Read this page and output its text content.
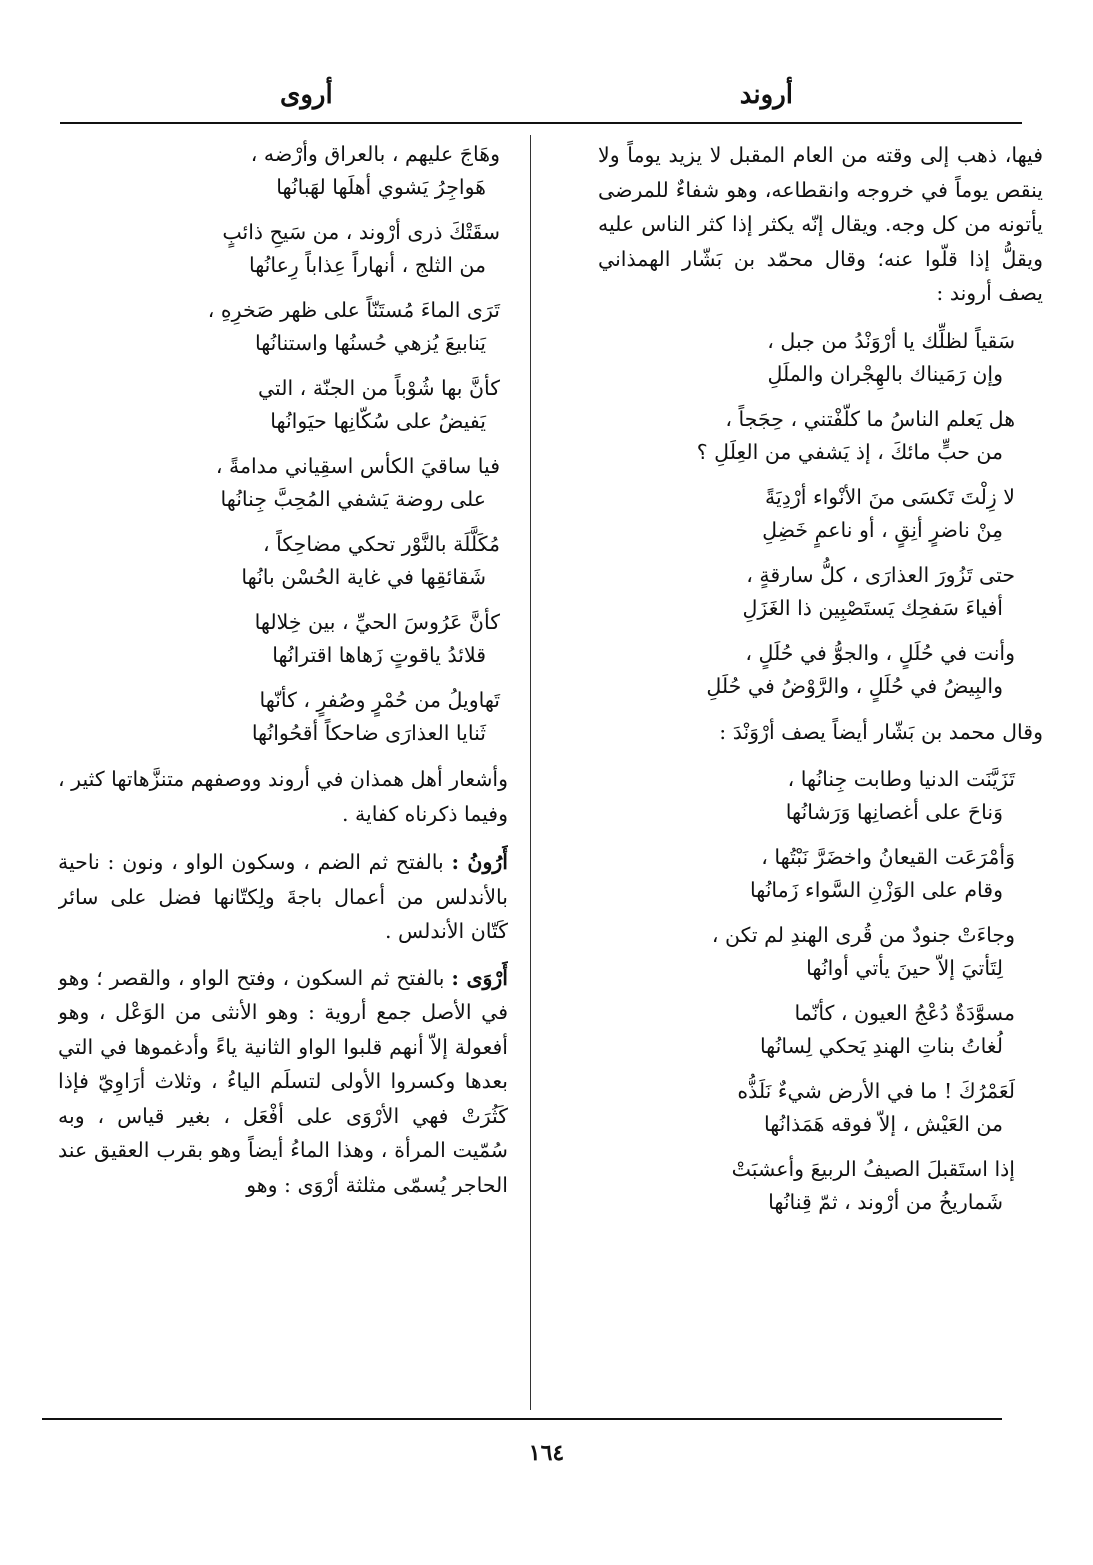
أروند
أروى

فيها، ذهب إلى وقته من العام المقبل لا يزيد يوماً ولا ينقص يوماً في خروجه وانقطاعه، وهو شفاءٌ للمرضى يأتونه من كل وجه. ويقال إنّه يكثر إذا كثر الناس عليه ويقلُّ إذا قلّوا عنه؛ وقال محمّد بن بَشّار الهمذاني يصف أروند :

سَقياً لظلِّك يا أرْوَنْدُ من جبل ،
وإن رَمَيناك بالهِجْران والملَلِ
هل يَعلم الناسُ ما كلّفْتني ، حِجَجاً ،
من حبٍّ مائكَ ، إذ يَشفي من العِلَلِ ؟
لا زِلْتَ تَكسَى منَ الأنْواء أرْدِيَةً
مِنْ ناضرٍ أنِقٍ ، أو ناعمٍ خَضِلِ
حتى تَزُورَ العذارَى ، كلُّ سارقةٍ ،
أفياءَ سَفحِك يَستَصْبِين ذا الغَزَلِ
وأنت في حُلَلٍ ، والجوُّ في حُلَلٍ ،
والبِيضُ في حُلَلٍ ، والرَّوْضُ في حُلَلِ

وقال محمد بن بَشّار أيضاً يصف أرْوَنْدَ :

تَزَيَّنَت الدنيا وطابت جِنانُها ،
وَناحَ على أغصانِها وَرَشانُها
وَأمْرَعَت القيعانُ واخضَرَّ نَبْتُها ،
وقام على الوَزْنِ السَّواء زَمانُها
وجاءَتْ جنودٌ من قُرى الهندِ لم تكن ،
لِتَأتيَ إلاّ حينَ يأتي أوانُها
مسوَّدَةٌ دُعْجُ العيون ، كأنّما
لُغاتُ بناتِ الهندِ يَحكي لِسانُها
لَعَمْرُكَ ! ما في الأرض شيءٌ نَلَذُّه
من العَيْش ، إلاّ فوقه هَمَذانُها
إذا استَقبلَ الصيفُ الربيعَ وأعشبَتْ
شَماريخُ من أرْوند ، ثمّ قِنانُها
وهَاجَ عليهم ، بالعراق وأرْضه ،
هَواجِرُ يَشوي أهلَها لهَبانُها
سقَتْكَ ذرى أرْوند ، من سَيحِ ذائبٍ
من الثلج ، أنهاراً عِذاباً رِعانُها
تَرَى الماءَ مُستَنّاً على ظهر صَخرِهِ ،
يَنابيعَ يُزهي حُسنُها واستنانُها
كأنَّ بها شُوْباً من الجنّة ، التي
يَفيضُ على سُكّانِها حيَوانُها
فيا ساقيَ الكأس اسقِياني مدامةً ،
على روضة يَشفي المُحِبَّ جِنانُها
مُكَلَّلَة بالنَّوْر تحكي مضاحِكاً ،
شَقائقِها في غاية الحُسْن بانُها
كأنَّ عَرُوسَ الحيِّ ، بين خِلالها
قلائدُ ياقوتٍ زَهاها اقترانُها
تَهاويلُ من حُمْرٍ وصُفرٍ ، كأنّها
ثَنايا العذارَى ضاحكاً أقحُوانُها

وأشعار أهل همذان في أروند ووصفهم متنزَّهاتها كثير ، وفيما ذكرناه كفاية .

أَرُونُ : بالفتح ثم الضم ، وسكون الواو ، ونون : ناحية بالأندلس من أعمال باجةَ ولِكتّانها فضل على سائر كَتّان الأندلس .

أَرْوَى : بالفتح ثم السكون ، وفتح الواو ، والقصر ؛ وهو في الأصل جمع أروية : وهو الأنثى من الوَعْل ، وهو أفعولة إلاّ أنهم قلبوا الواو الثانية ياءً وأدغموها في التي بعدها وكسروا الأولى لتسلَم الياءُ ، وثلاث أرَاوِيّ فإذا كَثُرَتْ فهي الأرْوَى على أفْعَل ، بغير قياس ، وبه سُمّيت المرأة ، وهذا الماءُ أيضاً وهو بقرب العقيق عند الحاجر يُسمّى مثلثة أرْوَى : وهو

١٦٤
